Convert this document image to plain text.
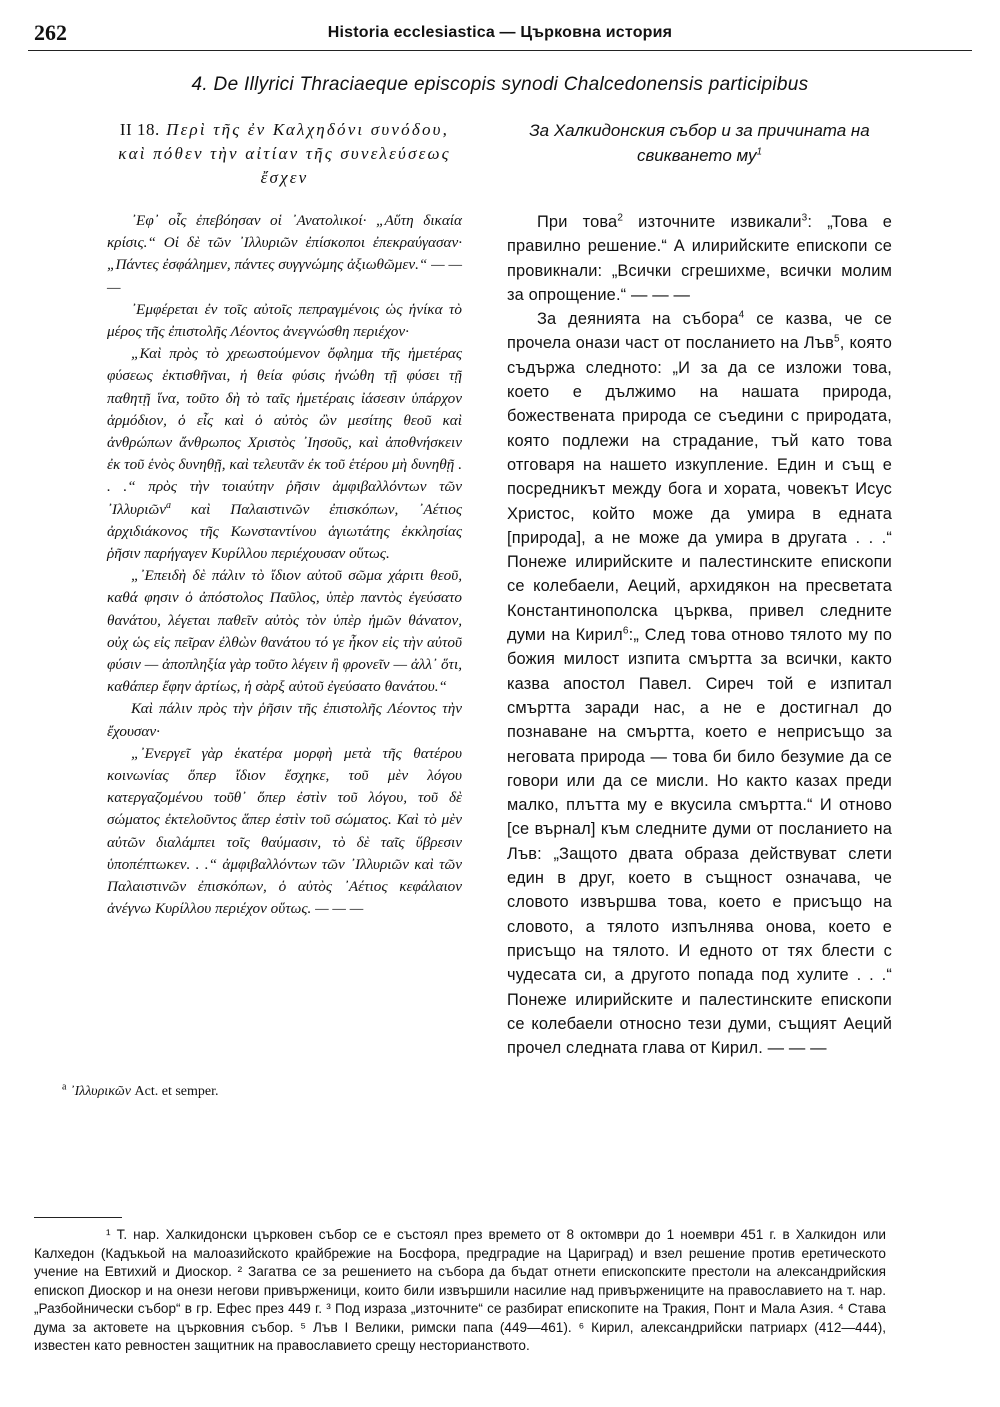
262	Historia ecclesiastica — Църковна история
4. De Illyrici Thraciaeque episcopis synodi Chalcedonensis participibus
II 18. Περὶ τῆς ἐν Καλχηδόνι συνόδου, καὶ πόθεν τὴν αἰτίαν τῆς συνελεύσεως ἔσχεν

᾿Εφ᾿ οἷς ἐπεβόησαν οἱ ᾿Ανατολικοί· „Αὕτη δικαία κρίσις.“ Οἱ δὲ τῶν ᾿Ιλλυριῶν ἐπίσκοποι ἐπεκραύγασαν· „Πάντες ἐσφάλημεν, πάντες συγγνώμης ἀξιωθῶμεν.“ — — —

᾿Εμφέρεται ἐν τοῖς αὐτοῖς πεπραγμένοις ὡς ἡνίκα τὸ μέρος τῆς ἐπιστολῆς Λέοντος ἀνεγνώσθη περιέχον·

„Καὶ πρὸς τὸ χρεωστούμενον ὄφλημα τῆς ἡμετέρας φύσεως ἐκτισθῆναι, ἡ θεία φύσις ἡνώθη τῇ φύσει τῇ παθητῇ ἵνα, τοῦτο δὴ τὸ ταῖς ἡμετέραις ἰάσεσιν ὑπάρχον ἁρμόδιον, ὁ εἷς καὶ ὁ αὐτὸς ὢν μεσίτης θεοῦ καὶ ἀνθρώπων ἄνθρωπος Χριστὸς ᾿Ιησοῦς, καὶ ἀποθνήσκειν ἐκ τοῦ ἑνὸς δυνηθῇ, καὶ τελευτᾶν ἐκ τοῦ ἑτέρου μὴ δυνηθῇ . . .“ πρὸς τὴν τοιαύτην ῥῆσιν ἀμφιβαλλόντων τῶν ᾿Ιλλυριῶν$^a$ καὶ Παλαιστινῶν ἐπισκόπων, ᾿Αέτιος ἀρχιδιάκονος τῆς Κωνσταντίνου ἁγιωτάτης ἐκκλησίας ῥῆσιν παρήγαγεν Κυρίλλου περιέχουσαν οὕτως.

„᾿Επειδὴ δὲ πάλιν τὸ ἴδιον αὐτοῦ σῶμα χάριτι θεοῦ, καθά φησιν ὁ ἀπόστολος Παῦλος, ὑπὲρ παντὸς ἐγεύσατο θανάτου, λέγεται παθεῖν αὐτὸς τὸν ὑπὲρ ἡμῶν θάνατον, οὐχ ὡς εἰς πεῖραν ἐλθὼν θανάτου τό γε ἧκον εἰς τὴν αὐτοῦ φύσιν — ἀποπληξία γὰρ τοῦτο λέγειν ἢ φρονεῖν — ἀλλ᾿ ὅτι, καθάπερ ἔφην ἀρτίως, ἡ σὰρξ αὐτοῦ ἐγεύσατο θανάτου.“

Καὶ πάλιν πρὸς τὴν ῥῆσιν τῆς ἐπιστολῆς Λέοντος τὴν ἔχουσαν·

„᾿Ενεργεῖ γὰρ ἑκατέρα μορφὴ μετὰ τῆς θατέρου κοινωνίας ὅπερ ἴδιον ἔσχηκε, τοῦ μὲν λόγου κατεργαζομένου τοῦθ᾿ ὅπερ ἐστὶν τοῦ λόγου, τοῦ δὲ σώματος ἐκτελοῦντος ἅπερ ἐστὶν τοῦ σώματος. Καὶ τὸ μὲν αὐτῶν διαλάμπει τοῖς θαύμασιν, τὸ δὲ ταῖς ὕβρεσιν ὑποπέπτωκεν. . .“ ἀμφιβαλλόντων τῶν ᾿Ιλλυριῶν καὶ τῶν Παλαιστινῶν ἐπισκόπων, ὁ αὐτὸς ᾿Αέτιος κεφάλαιον ἀνέγνω Κυρίλλου περιέχον οὕτως. — — —

$^a$ ᾿Ιλλυρικῶν Act. et semper.
За Халкидонския събор и за причината на свикването $му^1$

При това$^2$ източните извикали$^3$: „Това е правилно решение.“ А илирийските епископи се провикнали: „Всички сгрешихме, всички молим за опрощение.“ — — —

За деянията на събора$^4$ се казва, че се прочела онази част от посланието на Лъв$^5$, която съдържа следното: „И за да се изложи това, което е дължимо на нашата природа, божествената природа се съедини с природата, която подлежи на страдание, тъй като това отговаря на нашето изкупление. Един и същ е посредникът между бога и хората, човекът Исус Христос, който може да умира в едната [природа], а не може да умира в другата . . .“ Понеже илирийските и палестинските епископи се колебаели, Аеций, архидякон на пресветата Константинополска църква, привел следните думи на Кирил$^6$:„ След това отново тялото му по божия милост изпита смъртта за всички, както казва апостол Павел. Сиреч той е изпитал смъртта заради нас, а не е достигнал до познаване на смъртта, което е неприсъщо за неговата природа — това би било безумие да се говори или да се мисли. Но както казах преди малко, плътта му е вкусила смъртта.“ И отново [се върнал] към следните думи от посланието на Лъв: „Защото двата образа действуват слети един в друг, което в същност означава, че словото извършва това, което е присъщо на словото, а тялото изпълнява онова, което е присъщо на тялото. И едното от тях блести с чудесата си, а другото попада под хулите . . .“ Понеже илирийските и палестинските епископи се колебаели относно тези думи, същият Аеций прочел следната глава от Кирил. — — —

¹ Т. нар. Халкидонски църковен събор се е състоял през времето от 8 октомври до 1 ноември 451 г. в Халкидон или Калхедон (Кадъкьой на малоазийското крайбрежие на Босфора, предградие на Цариград) и взел решение против еретическото учение на Евтихий и Диоскор. ² Загатва се за решението на събора да бъдат отнети епископските престоли на александрийския епископ Диоскор и на онези негови привърженици, които били извършили насилие над привържениците на православието на т. нар. „Разбойнически събор“ в гр. Ефес през 449 г. ³ Под израза „източните“ се разбират епископите на Тракия, Понт и Мала Азия. ⁴ Става дума за актовете на църковния събор. ⁵ Лъв I Велики, римски папа (449—461). ⁶ Кирил, александрийски патриарх (412—444), известен като ревностен защитник на православието срещу несторианството.
